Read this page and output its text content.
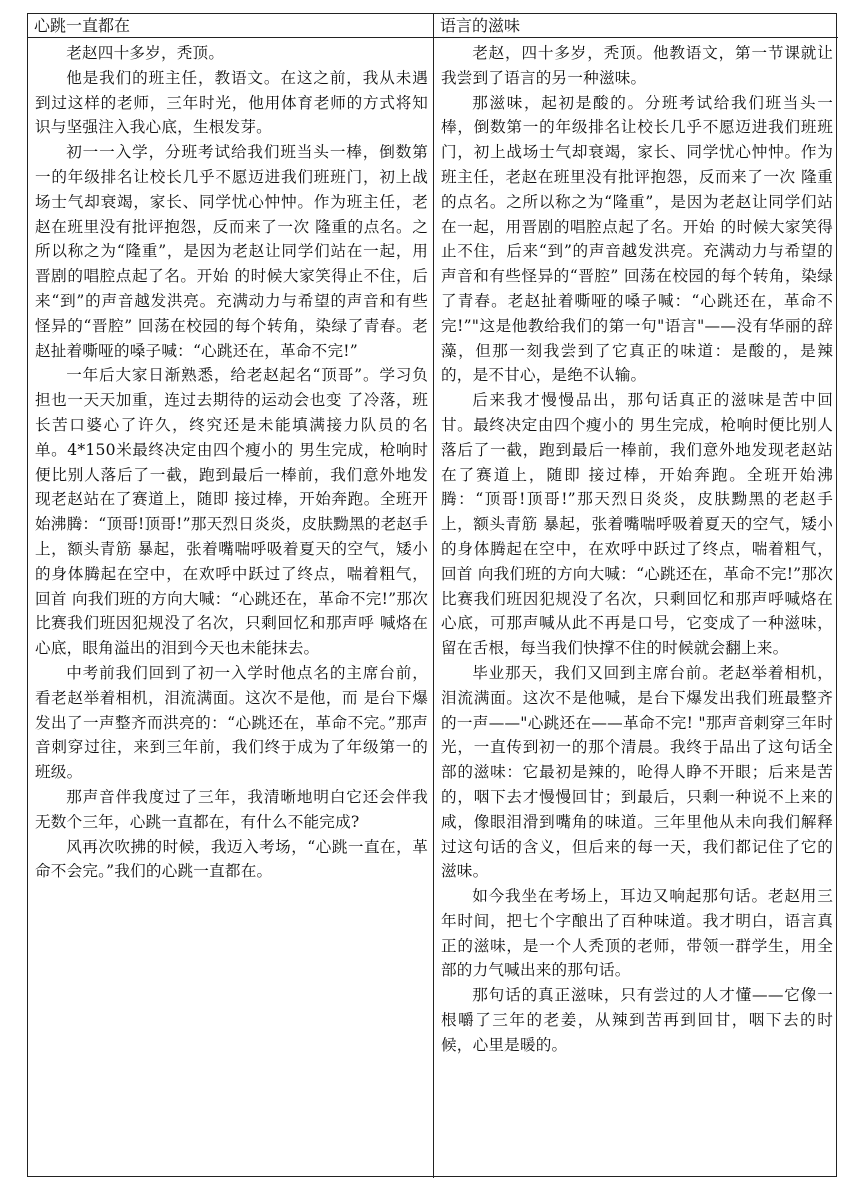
心跳一直都在	语言的滋味

老赵四十多岁，秃顶。

他是我们的班主任，教语文。在这之前，我从未遇到过这样的老师，三年时光，他用体育老师的方式将知识与坚强注入我心底，生根发芽。

初一一入学，分班考试给我们班当头一棒，倒数第一的年级排名让校长几乎不愿迈进我们班班门，初上战场士气却衰竭，家长、同学忧心忡忡。作为班主任，老赵在班里没有批评抱怨，反而来了一次 隆重的点名。之所以称之为“隆重”，是因为老赵让同学们站在一起，用晋剧的唱腔点起了名。开始 的时候大家笑得止不住，后来“到”的声音越发洪亮。充满动力与希望的声音和有些怪异的“晋腔” 回荡在校园的每个转角，染绿了青春。老赵扯着嘶哑的嗓子喊：“心跳还在，革命不完!”

一年后大家日渐熟悉，给老赵起名“顶哥”。学习负担也一天天加重，连过去期待的运动会也变 了冷落，班长苦口婆心了许久，终究还是未能填满接力队员的名单。4*150米最终决定由四个瘦小的 男生完成，枪响时便比别人落后了一截，跑到最后一棒前，我们意外地发现老赵站在了赛道上，随即 接过棒，开始奔跑。全班开始沸腾：“顶哥!顶哥!”那天烈日炎炎，皮肤黝黑的老赵手上，额头青筋 暴起，张着嘴喘呼吸着夏天的空气，矮小的身体腾起在空中，在欢呼中跃过了终点，喘着粗气，回首 向我们班的方向大喊：“心跳还在，革命不完!”那次比赛我们班因犯规没了名次，只剩回忆和那声呼 喊烙在心底，眼角溢出的泪到今天也未能抹去。

中考前我们回到了初一入学时他点名的主席台前，看老赵举着相机，泪流满面。这次不是他，而 是台下爆发出了一声整齐而洪亮的：“心跳还在，革命不完。”那声音刺穿过往，来到三年前，我们终于成为了年级第一的班级。

那声音伴我度过了三年，我清晰地明白它还会伴我无数个三年，心跳一直都在，有什么不能完成?

风再次吹拂的时候，我迈入考场，“心跳一直在，革命不会完。”我们的心跳一直都在。

老赵，四十多岁，秃顶。他教语文，第一节课就让我尝到了语言的另一种滋味。

那滋味，起初是酸的。分班考试给我们班当头一棒，倒数第一的年级排名让校长几乎不愿迈进我们班班门，初上战场士气却衰竭，家长、同学忧心忡忡。作为班主任，老赵在班里没有批评抱怨，反而来了一次 隆重的点名。之所以称之为“隆重”，是因为老赵让同学们站在一起，用晋剧的唱腔点起了名。开始 的时候大家笑得止不住，后来“到”的声音越发洪亮。充满动力与希望的声音和有些怪异的“晋腔” 回荡在校园的每个转角，染绿了青春。老赵扯着嘶哑的嗓子喊：“心跳还在，革命不完!”"这是他教给我们的第一句"语言"——没有华丽的辞藻，但那一刻我尝到了它真正的味道：是酸的，是辣的，是不甘心，是绝不认输。

后来我才慢慢品出，那句话真正的滋味是苦中回甘。最终决定由四个瘦小的 男生完成，枪响时便比别人落后了一截，跑到最后一棒前，我们意外地发现老赵站在了赛道上，随即 接过棒，开始奔跑。全班开始沸腾：“顶哥!顶哥!”那天烈日炎炎，皮肤黝黑的老赵手上，额头青筋 暴起，张着嘴喘呼吸着夏天的空气，矮小的身体腾起在空中，在欢呼中跃过了终点，喘着粗气，回首 向我们班的方向大喊：“心跳还在，革命不完!”那次比赛我们班因犯规没了名次，只剩回忆和那声呼喊烙在心底，可那声喊从此不再是口号，它变成了一种滋味，留在舌根，每当我们快撑不住的时候就会翻上来。

毕业那天，我们又回到主席台前。老赵举着相机，泪流满面。这次不是他喊，是台下爆发出我们班最整齐的一声——"心跳还在——革命不完! "那声音刺穿三年时光，一直传到初一的那个清晨。我终于品出了这句话全部的滋味：它最初是辣的，呛得人睁不开眼；后来是苦的，咽下去才慢慢回甘；到最后，只剩一种说不上来的咸，像眼泪滑到嘴角的味道。三年里他从未向我们解释过这句话的含义，但后来的每一天，我们都记住了它的滋味。

如今我坐在考场上，耳边又响起那句话。老赵用三年时间，把七个字酿出了百种味道。我才明白，语言真正的滋味，是一个人秃顶的老师，带领一群学生，用全部的力气喊出来的那句话。

那句话的真正滋味，只有尝过的人才懂——它像一根嚼了三年的老姜，从辣到苦再到回甘，咽下去的时候，心里是暖的。
